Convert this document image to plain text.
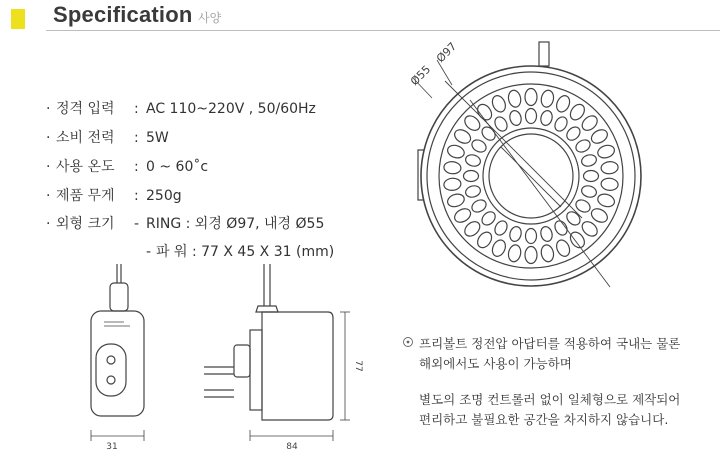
Specification 사양
· 정격 입력 : AC 110~220V , 50/60Hz
· 소비 전력 : 5W
· 사용 온도 : 0 ~ 60˚c
· 제품 무게 : 250g
· 외형 크기 - RING : 외경 Ø97, 내경 Ø55
- 파 워 : 77 X 45 X 31 (mm)
31	84
77
Ø97
Ø55
프리볼트 정전압 아답터를 적용하여 국내는 물론
해외에서도 사용이 가능하며
별도의 조명 컨트롤러 없이 일체형으로 제작되어
편리하고 불필요한 공간을 차지하지 않습니다.
